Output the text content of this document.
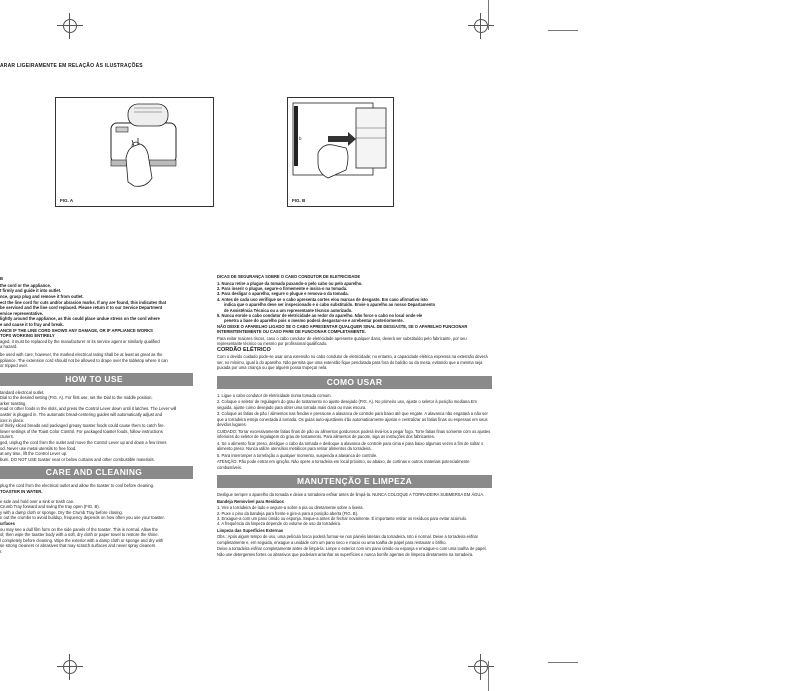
ARAR LIGEIRAMENTE EM RELAÇÃO ÀS ILUSTRAÇÕES
FIG. A
b
FIG. B

B

the cord or the appliance.
t firmly and guide it into outlet.
nce, grasp plug and remove it from outlet.
ect the line cord for cuts and/or abrasion marks. If any are found, this indicates that
be serviced and the line cord replaced. Please return it to our Service Department
ervice representative.
lightly around the appliance, as this could place undue stress on the cord where
e and cause it to fray and break.
ANCE IF THE LINE CORD SHOWS ANY DAMAGE, OR IF APPLIANCE WORKS
TOPS WORKING ENTIRELY
aged, it must be replaced by the manufacturer or its service agent or similarly qualified
a hazard.
be used with care; however, the marked electrical rating shall be at least as great as the
ppliance. The extension cord should not be allowed to drape over the tabletop where it can
or tripped over.
HOW TO USE
tandard electrical outlet.
Dial to the desired setting (FIG. A). For first use, set the Dial to the middle position.
arker toasting.
read or other foods in the slots, and press the Control Lever down until it latches. The Lever will
oaster is plugged in. The automatic bread-centering guides will automatically adjust and
ices in place.
of thinly sliced breads and packaged greasy toaster foods could cause them to catch fire.
lower settings of the Toast Color Control. For packaged toaster foods, follow instructions
cturers.
ged, unplug the cord from the outlet and move the Control Lever up and down a few times
od. Never use metal utensils to free food.
at any time, lift the Control Lever up.
burn. DO NOT USE toaster near or below curtains and other combustible materials.
CARE AND CLEANING
plug the cord from the electrical outlet and allow the toaster to cool before cleaning.
TOASTER IN WATER.
e side and hold over a sink or trash can.
Crumb Tray forward and swing the tray open (FIG. B).
y with a damp cloth or sponge. Dry the Crumb Tray before closing.
n out the crumbs to avoid buildup, frequency depends on how often you use your toaster.
urfaces
ou may see a dull film form on the side panels of the toaster. This is normal. Allow the
ol; then wipe the toaster body with a soft, dry cloth or paper towel to restore the shine.
l completely before cleaning. Wipe the exterior with a damp cloth or sponge and dry with
se strong cleaners or abrasives that may scratch surfaces and never spray cleaners
r.

DICAS DE SEGURANÇA SOBRE O CABO CONDUTOR DE ELETRICIDADE

1. Nunca retire a plugue da tomada puxando-o pelo cabo ou pelo aparelho.
2. Para inserir o plugue, segure-o firmemente e insira-o na tomada.
3. Para desligar o aparelho, segure o plugue e remova-o da tomada.
4. Antes de cada uso verifique se o cabo apresenta cortes e/ou marcas de desgaste. Em caso afirmativo isto
indica que o aparelho deve ser inspecionado e o cabo substituído. Envie o aparelho ao nosso Departamento
de Assistência Técnica ou a um representante técnico autorizado.
5. Nunca enrole o cabo condutor de eletricidade ao redor do aparelho. Não force o cabo no local onde ele
penetra a base do aparelho pois o mesmo poderá desgastar-se e arrebentar posteriormente.

NÃO DEIXE O APARELHO LIGADO SE O CABO APRESENTAR QUALQUER SINAL DE DESGASTE, SE O APARELHO FUNCIONAR INTERMITENTEMENTE OU CASO PARE DE FUNCIONAR COMPLETAMENTE.

Para evitar maiores riscos, caso o cabo condutor de eletricidade apresente qualquer dano, deverá ser substituído pelo fabricante, por seu representante técnico ou mesmo por profissional qualificado.

CORDÃO ELÉTRICO

Com o devido cuidado pode-se usar uma extensão no cabo condutor de eletricidade; no entanto, a capacidade elétrica expressa na extensão deverá ser, no mínimo, igual à do aparelho. Não permita que uma extensão fique pendurada para fora do balcão ou da mesa, evitando que a mesma seja puxada por uma criança ou que alguém possa tropeçar nela.

COMO USAR

1. Ligue o cabo condutor de eletricidade numa tomada comum.

2. Coloque o seletor de regulagem do grau de tostamento no ajuste desejado (FIG. A). No primeiro uso, ajuste o seletor à posição mediana.Em seguida, ajuste como desejado para obter uma torrada mais clara ou mais escura.

3. Coloque as fatias de pão / alimentos nas fendas e pressione a alavanca de controle para baixo até que engate. A alavanca não engatará a não ser que a torradeira esteja conectada à tomada. Os guias auto-ajustáveis irão automaticamente ajustar e centralizar as fatias finas ou espessas em seus devidos lugares.

CUIDADO: Torrar excessivamente fatias finas de pão ou alimentos gordurosos poderá levá-los a pegar fogo. Torre fatias finas somente com os ajustes inferiores do seletor de regulagem do grau de tostamento. Para alimentos de pacote, siga as instruções dos fabricantes.

4. Se o alimento ficar preso, desligue o cabo da tomada e desloque a alavanca de controle para cima e para baixo algumas vezes a fim de soltar o alimento preso. Nunca utilize utensílios metálicos para retirar alimentos da torradeira.

5. Para interromper a torrefação a qualquer momento, suspenda a alavanca de controle.

ATENÇÃO: Pão pode entrar em ignição. Não opere a torradeira em local próximo, ou abaixo, de cortinas e outros materiais potencialmente combustíveis.

MANUTENÇÃO E LIMPEZA

Desligue sempre o aparelho da tomada e deixe a torradeira esfriar antes de limpá-la. NUNCA COLOQUE A TORRADEIRA SUBMERSA EM ÁGUA.

Bandeja Removível para Resíduos

1. Vire a torradeira de lado e segure-a sobre a pia ou diretamente sobre a lixeira.
2. Puxe o pino da bandeja para frente e gire-a para a posição aberta (FIG. B).
3. Enxague-a com um pano úmido ou esponja. Seque-a antes de fechar novamente. É importante retirar os resíduos para evitar acúmulo.
4. A frequência da limpeza depende do volume de uso da torradeira.

Limpeza das Superfícies Externas

Obs.: Após algum tempo de uso, uma película fosca poderá formar-se nos painéis laterais da torradeira. Isto é normal. Deixe a torradeira esfriar completamente e, em seguida, enxague a unidade com um pano seco e macio ou uma toalha de papel para restaurar o brilho.

Deixe a torradeira esfriar completamente antes de limpá-la. Limpe o exterior com um pano úmido ou esponja e enxague-o com uma toalha de papel. Não use detergentes fortes ou abrasivos que poderiam arranhar as superfícies e nunca borrife agentes de limpeza diretamente na torradeira.
